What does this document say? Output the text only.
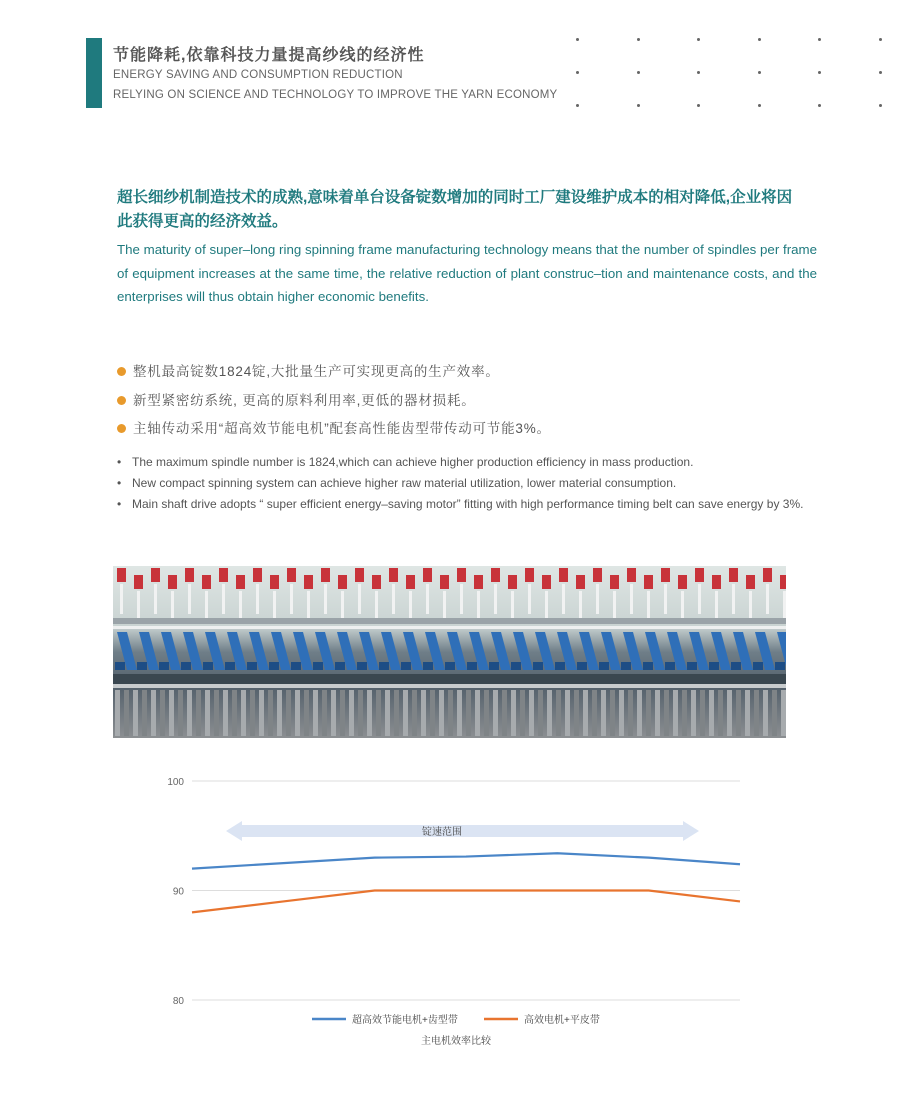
节能降耗,依靠科技力量提高纱线的经济性
ENERGY SAVING AND CONSUMPTION REDUCTION
RELYING ON SCIENCE AND TECHNOLOGY TO IMPROVE THE YARN ECONOMY
超长细纱机制造技术的成熟,意味着单台设备锭数增加的同时工厂建设维护成本的相对降低,企业将因此获得更高的经济效益。
The maturity of super–long ring spinning frame manufacturing technology means that the number of spindles per frame of equipment increases at the same time, the relative reduction of plant construc–tion and maintenance costs, and the enterprises will thus obtain higher economic benefits.
整机最高锭数1824锭,大批量生产可实现更高的生产效率。
新型紧密纺系统, 更高的原料利用率,更低的器材损耗。
主轴传动采用“超高效节能电机”配套高性能齿型带传动可节能3%。
• The maximum spindle number is 1824,which can achieve higher production efficiency in mass production.
• New compact spinning system can achieve higher raw material utilization, lower material consumption.
• Main shaft drive adopts “ super efficient energy–saving motor” fitting with high performance timing belt can save energy by 3%.
100
90
80
锭速范围
超高效节能电机+齿型带	高效电机+平皮带
主电机效率比较
